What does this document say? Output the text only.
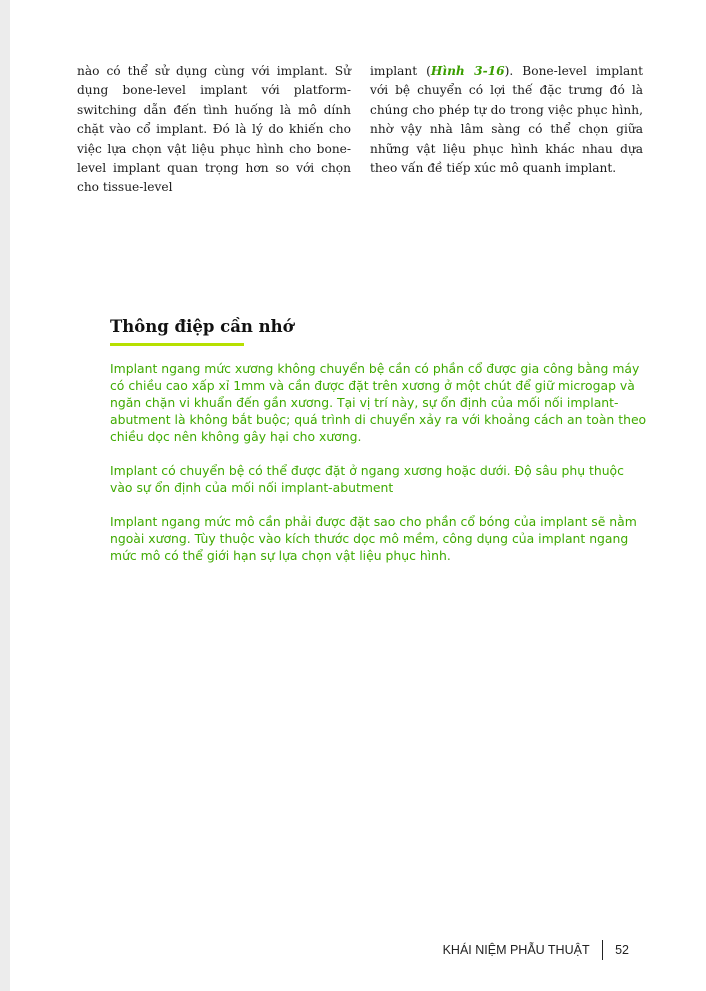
nào có thể sử dụng cùng với implant. Sử dụng bone-level implant với platform-switching dẫn đến tình huống là mô dính chặt vào cổ implant. Đó là lý do khiến cho việc lựa chọn vật liệu phục hình cho bone-level implant quan trọng hơn so với chọn cho tissue-level

implant (Hình 3-16). Bone-level implant với bệ chuyển có lợi thế đặc trưng đó là chúng cho phép tự do trong việc phục hình, nhờ vậy nhà lâm sàng có thể chọn giữa những vật liệu phục hình khác nhau dựa theo vấn đề tiếp xúc mô quanh implant.

Thông điệp cần nhớ

Implant ngang mức xương không chuyển bệ cần có phần cổ được gia công bằng máy có chiều cao xấp xỉ 1mm và cần được đặt trên xương ở một chút để giữ microgap và ngăn chặn vi khuẩn đến gần xương. Tại vị trí này, sự ổn định của mối nối implant-abutment là không bắt buộc; quá trình di chuyển xảy ra với khoảng cách an toàn theo chiều dọc nên không gây hại cho xương.

Implant có chuyển bệ có thể được đặt ở ngang xương hoặc dưới. Độ sâu phụ thuộc vào sự ổn định của mối nối implant-abutment

Implant ngang mức mô cần phải được đặt sao cho phần cổ bóng của implant sẽ nằm ngoài xương. Tùy thuộc vào kích thước dọc mô mềm, công dụng của implant ngang mức mô có thể giới hạn sự lựa chọn vật liệu phục hình.

KHÁI NIỆM PHẪU THUẬT 52
